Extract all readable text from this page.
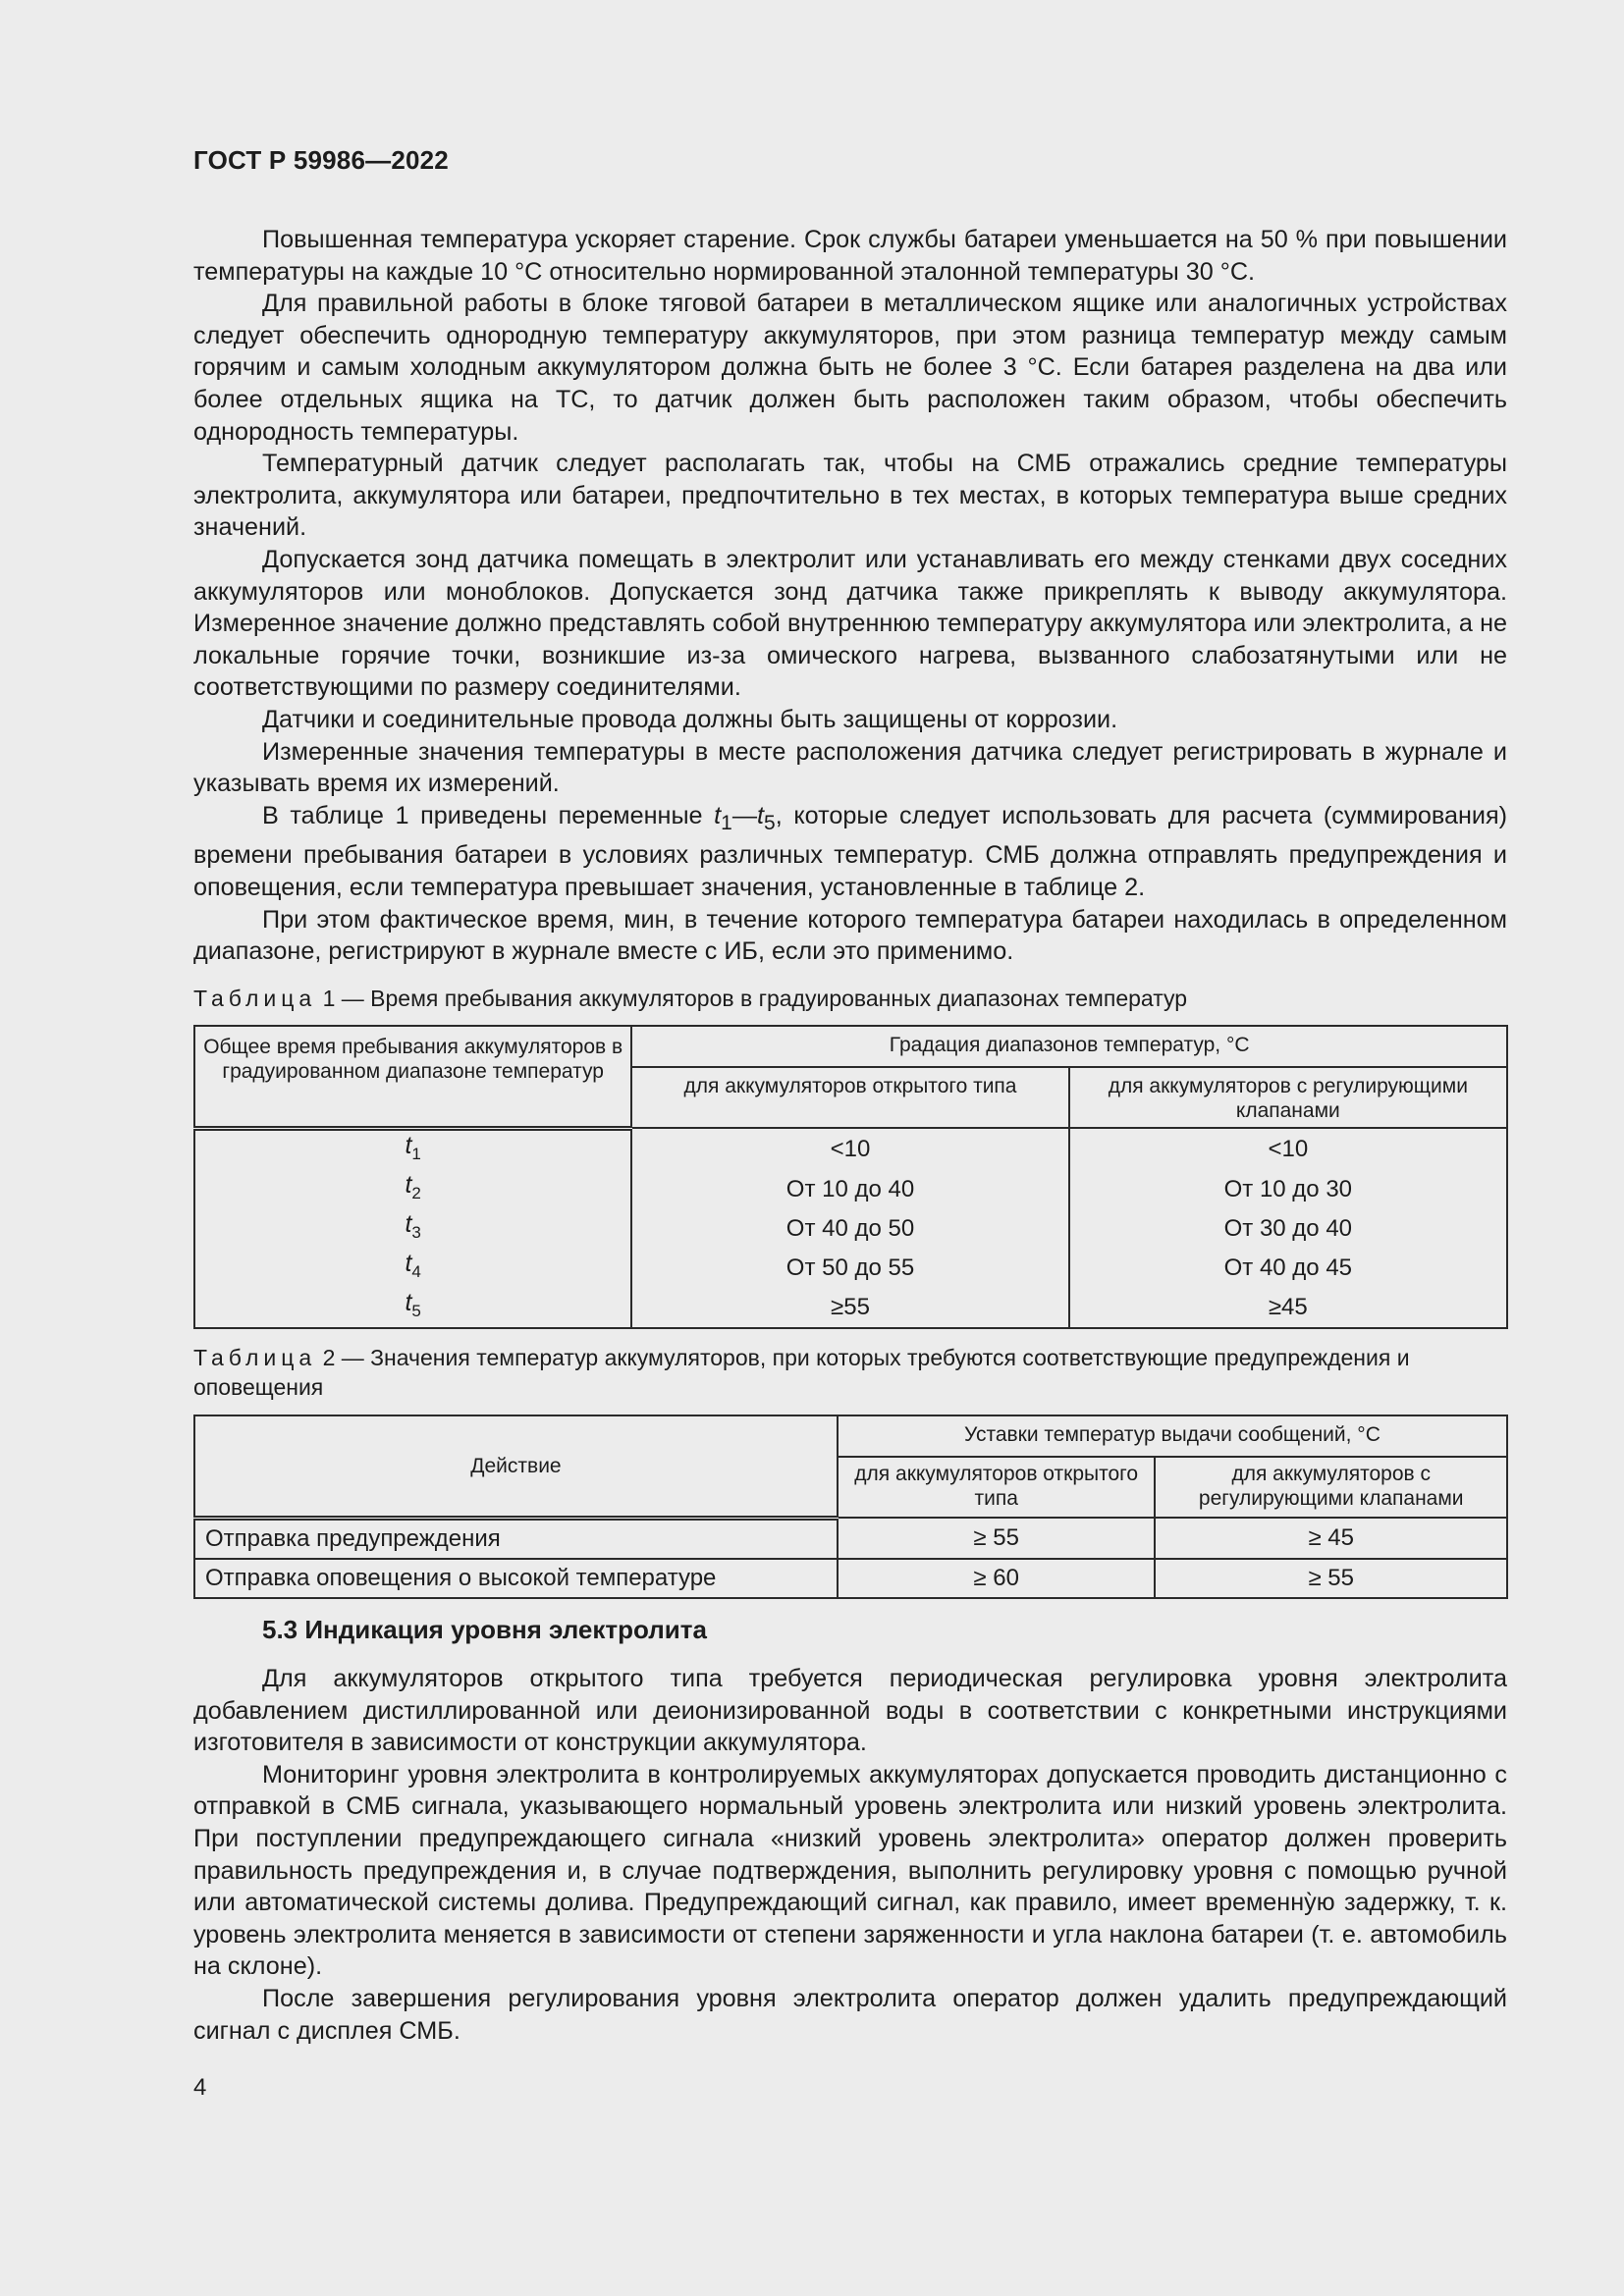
ГОСТ Р 59986—2022

Повышенная температура ускоряет старение. Срок службы батареи уменьшается на 50 % при повышении температуры на каждые 10 °С относительно нормированной эталонной температуры 30 °С.

Для правильной работы в блоке тяговой батареи в металлическом ящике или аналогичных устройствах следует обеспечить однородную температуру аккумуляторов, при этом разница температур между самым горячим и самым холодным аккумулятором должна быть не более 3 °С. Если батарея разделена на два или более отдельных ящика на ТС, то датчик должен быть расположен таким образом, чтобы обеспечить однородность температуры.

Температурный датчик следует располагать так, чтобы на СМБ отражались средние температуры электролита, аккумулятора или батареи, предпочтительно в тех местах, в которых температура выше средних значений.

Допускается зонд датчика помещать в электролит или устанавливать его между стенками двух соседних аккумуляторов или моноблоков. Допускается зонд датчика также прикреплять к выводу аккумулятора. Измеренное значение должно представлять собой внутреннюю температуру аккумулятора или электролита, а не локальные горячие точки, возникшие из-за омического нагрева, вызванного слабозатянутыми или не соответствующими по размеру соединителями.

Датчики и соединительные провода должны быть защищены от коррозии.

Измеренные значения температуры в месте расположения датчика следует регистрировать в журнале и указывать время их измерений.

В таблице 1 приведены переменные $t_1—t_5$, которые следует использовать для расчета (суммирования) времени пребывания батареи в условиях различных температур. СМБ должна отправлять предупреждения и оповещения, если температура превышает значения, установленные в таблице 2.

При этом фактическое время, мин, в течение которого температура батареи находилась в определенном диапазоне, регистрируют в журнале вместе с ИБ, если это применимо.

Таблица 1 — Время пребывания аккумуляторов в градуированных диапазонах температур
Общее время пребывания аккумуляторов в градуированном диапазоне температур	Градация диапазонов температур, °С	
	для аккумуляторов открытого типа	для аккумуляторов с регулирующими клапанами
$t_1$	<10	<10
$t_2$	От 10 до 40	От 10 до 30
$t_3$	От 40 до 50	От 30 до 40
$t_4$	От 50 до 55	От 40 до 45
$t_5$	≥55	≥45
Таблица 2 — Значения температур аккумуляторов, при которых требуются соответствующие предупреждения и оповещения
Действие	Уставки температур выдачи сообщений, °С	
	для аккумуляторов открытого типа	для аккумуляторов с регулирующими клапанами
Отправка предупреждения	≥ 55	≥ 45
Отправка оповещения о высокой температуре	≥ 60	≥ 55
5.3 Индикация уровня электролита

Для аккумуляторов открытого типа требуется периодическая регулировка уровня электролита добавлением дистиллированной или деионизированной воды в соответствии с конкретными инструкциями изготовителя в зависимости от конструкции аккумулятора.

Мониторинг уровня электролита в контролируемых аккумуляторах допускается проводить дистанционно с отправкой в СМБ сигнала, указывающего нормальный уровень электролита или низкий уровень электролита. При поступлении предупреждающего сигнала «низкий уровень электролита» оператор должен проверить правильность предупреждения и, в случае подтверждения, выполнить регулировку уровня с помощью ручной или автоматической системы долива. Предупреждающий сигнал, как правило, имеет временну̀ю задержку, т. к. уровень электролита меняется в зависимости от степени заряженности и угла наклона батареи (т. е. автомобиль на склоне).

После завершения регулирования уровня электролита оператор должен удалить предупреждающий сигнал с дисплея СМБ.

4
